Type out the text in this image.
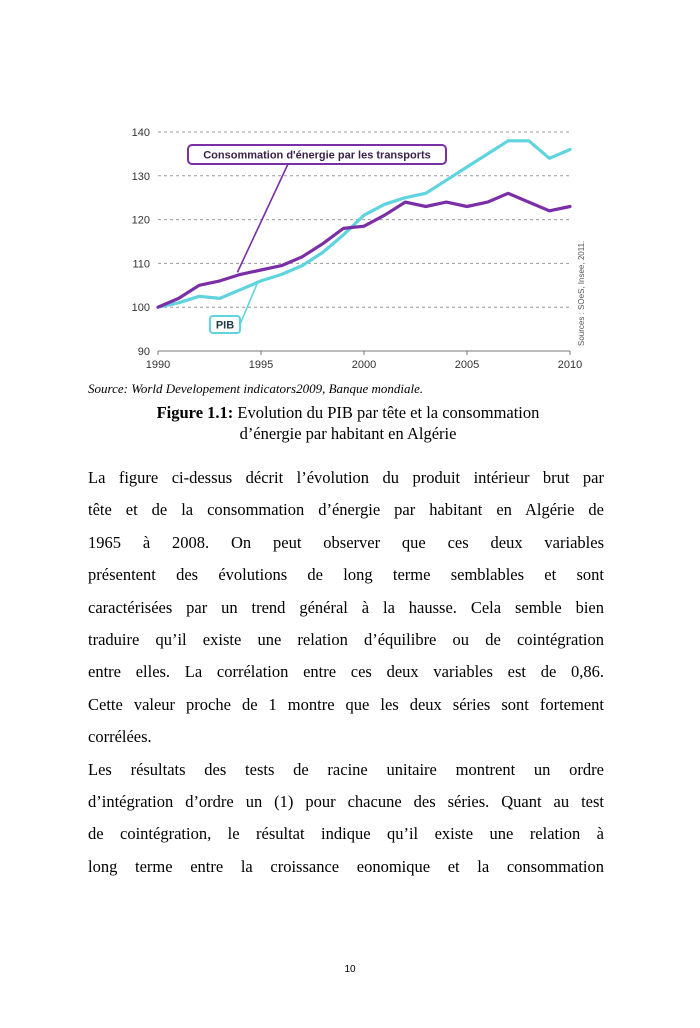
90
100
110
120
130
140
1990	1995	2000	2005	2010
Consommation d'énergie par les transports
PIB	Sources : SOeS, Insee, 2011.
Source: World Developement indicators2009, Banque mondiale.
Figure 1.1: Evolution du PIB par tête et la consommation
d’énergie par habitant en Algérie

La figure ci-dessus décrit l’évolution du produit intérieur brut par

tête et de la consommation d’énergie par habitant en Algérie de

1965 à 2008. On peut observer que ces deux variables

présentent des évolutions de long terme semblables et sont

caractérisées par un trend général à la hausse. Cela semble bien

traduire qu’il existe une relation d’équilibre ou de cointégration

entre elles. La corrélation entre ces deux variables est de 0,86.

Cette valeur proche de 1 montre que les deux séries sont fortement

corrélées.

Les résultats des tests de racine unitaire montrent un ordre

d’intégration d’ordre un (1) pour chacune des séries. Quant au test

de cointégration, le résultat indique qu’il existe une relation à

long terme entre la croissance eonomique et la consommation

10
